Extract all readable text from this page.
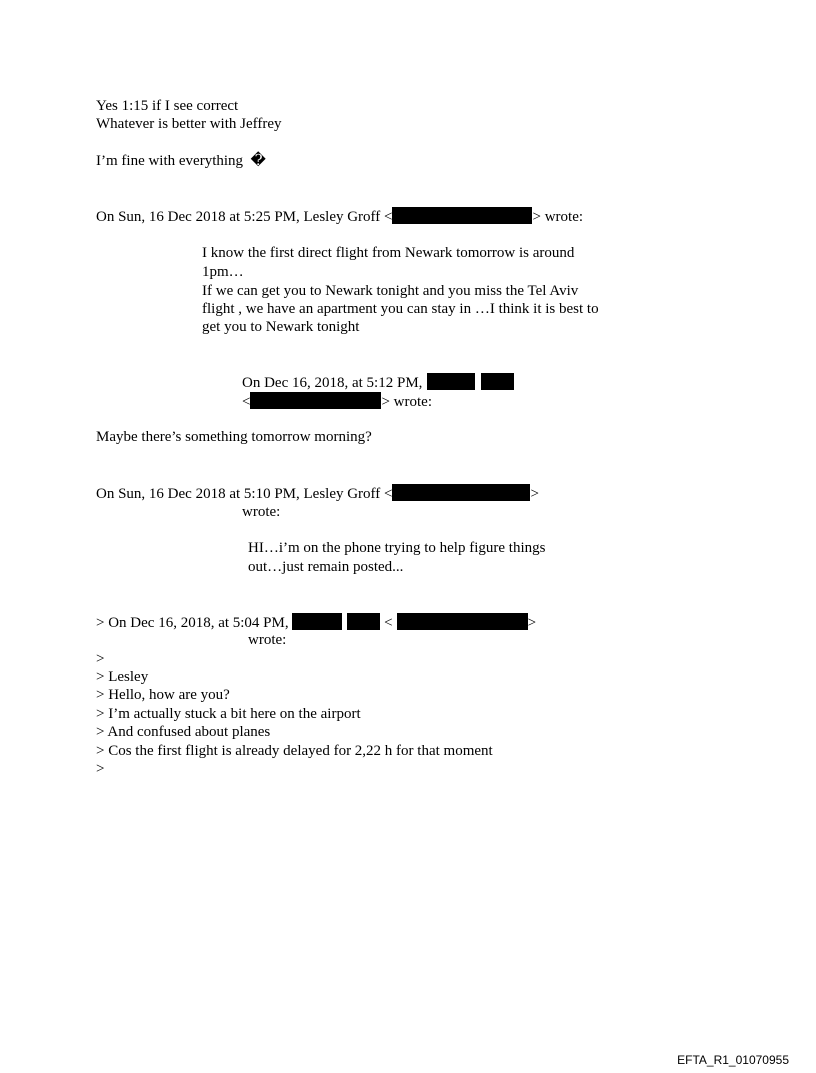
Yes 1:15 if I see correct
Whatever is better with Jeffrey
I’m fine with everything �
On Sun, 16 Dec 2018 at 5:25 PM, Lesley Groff <	> wrote:
I know the first direct flight from Newark tomorrow is around
1pm…
If we can get you to Newark tonight and you miss the Tel Aviv
flight , we have an apartment you can stay in …I think it is best to
get you to Newark tonight
On Dec 16, 2018, at 5:12 PM,
<	> wrote:
Maybe there’s something tomorrow morning?
On Sun, 16 Dec 2018 at 5:10 PM, Lesley Groff <	>
wrote:
HI…i’m on the phone trying to help figure things
out…just remain posted...
> On Dec 16, 2018, at 5:04 PM,	<	>
wrote:
>
> Lesley
> Hello, how are you?
> I’m actually stuck a bit here on the airport
> And confused about planes
> Cos the first flight is already delayed for 2,22 h for that moment
>
EFTA_R1_01070955
